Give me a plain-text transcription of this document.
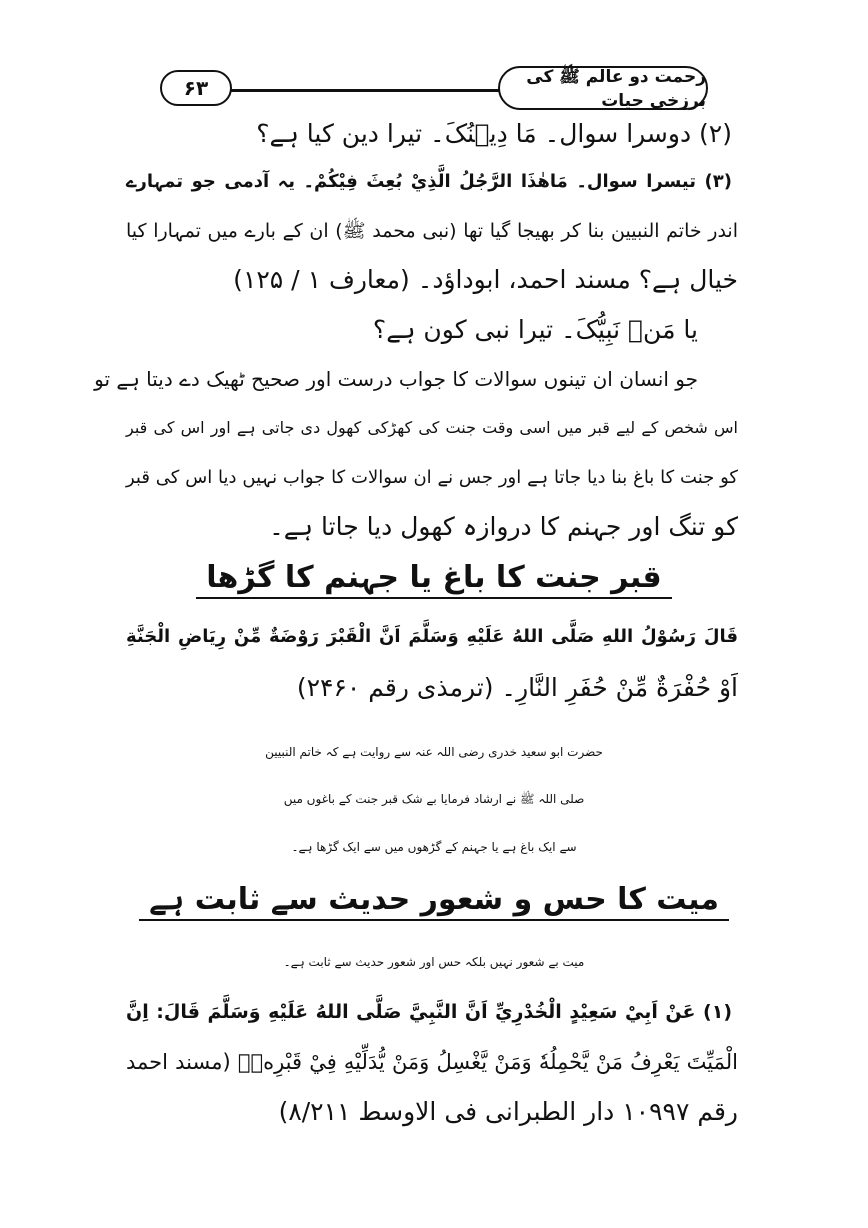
۶۳	رحمت دو عالم ﷺ کی برزخی حیات
(۲) دوسرا سوال۔ مَا دِیۡنُکَ۔ تیرا دین کیا ہے؟
(۳) تیسرا سوال۔ مَاهٰذَا الرَّجُلُ الَّذِيْ بُعِثَ فِيْكُمْ۔ یہ آدمی جو تمہارے
اندر خاتم النبیین بنا کر بھیجا گیا تھا (نبی محمد ﷺ) ان کے بارے میں تمہارا کیا
خیال ہے؟ مسند احمد، ابوداؤد۔ (معارف ۱ / ۱۲۵)
یا مَنۡ نَبِیُّکَ۔ تیرا نبی کون ہے؟
جو انسان ان تینوں سوالات کا جواب درست اور صحیح ٹھیک دے دیتا ہے تو
اس شخص کے لیے قبر میں اسی وقت جنت کی کھڑکی کھول دی جاتی ہے اور اس کی قبر
کو جنت کا باغ بنا دیا جاتا ہے اور جس نے ان سوالات کا جواب نہیں دیا اس کی قبر
کو تنگ اور جہنم کا دروازہ کھول دیا جاتا ہے۔
قبر جنت کا باغ یا جہنم کا گڑھا
قَالَ رَسُوْلُ اللهِ صَلَّى اللهُ عَلَيْهِ وَسَلَّمَ اَنَّ الْقَبْرَ رَوْضَةٌ مِّنْ رِيَاضِ الْجَنَّةِ
اَوْ حُفْرَةٌ مِّنْ حُفَرِ النَّارِ۔ (ترمذی رقم ۲۴۶۰)
حضرت ابو سعید خدری رضی اللہ عنہ سے روایت ہے کہ خاتم النبیین
صلی اللہ ﷺ نے ارشاد فرمایا بے شک قبر جنت کے باغوں میں
سے ایک باغ ہے یا جہنم کے گڑھوں میں سے ایک گڑھا ہے۔
میت کا حس و شعور حدیث سے ثابت ہے
میت بے شعور نہیں بلکہ حس اور شعور حدیث سے ثابت ہے۔
(۱) عَنْ اَبِيْ سَعِيْدٍ الْخُدْرِيِّ اَنَّ النَّبِيَّ صَلَّى اللهُ عَلَيْهِ وَسَلَّمَ قَالَ: اِنَّ
الْمَيِّتَ يَعْرِفُ مَنْ يَّحْمِلُهٗ وَمَنْ يَّغْسِلُ وَمَنْ يُّدَلِّيْهِ فِيْ قَبْرِهٖ۔ (مسند احمد
رقم ۱۰۹۹۷ دار الطبرانی فی الاوسط ۸/۲۱۱)
